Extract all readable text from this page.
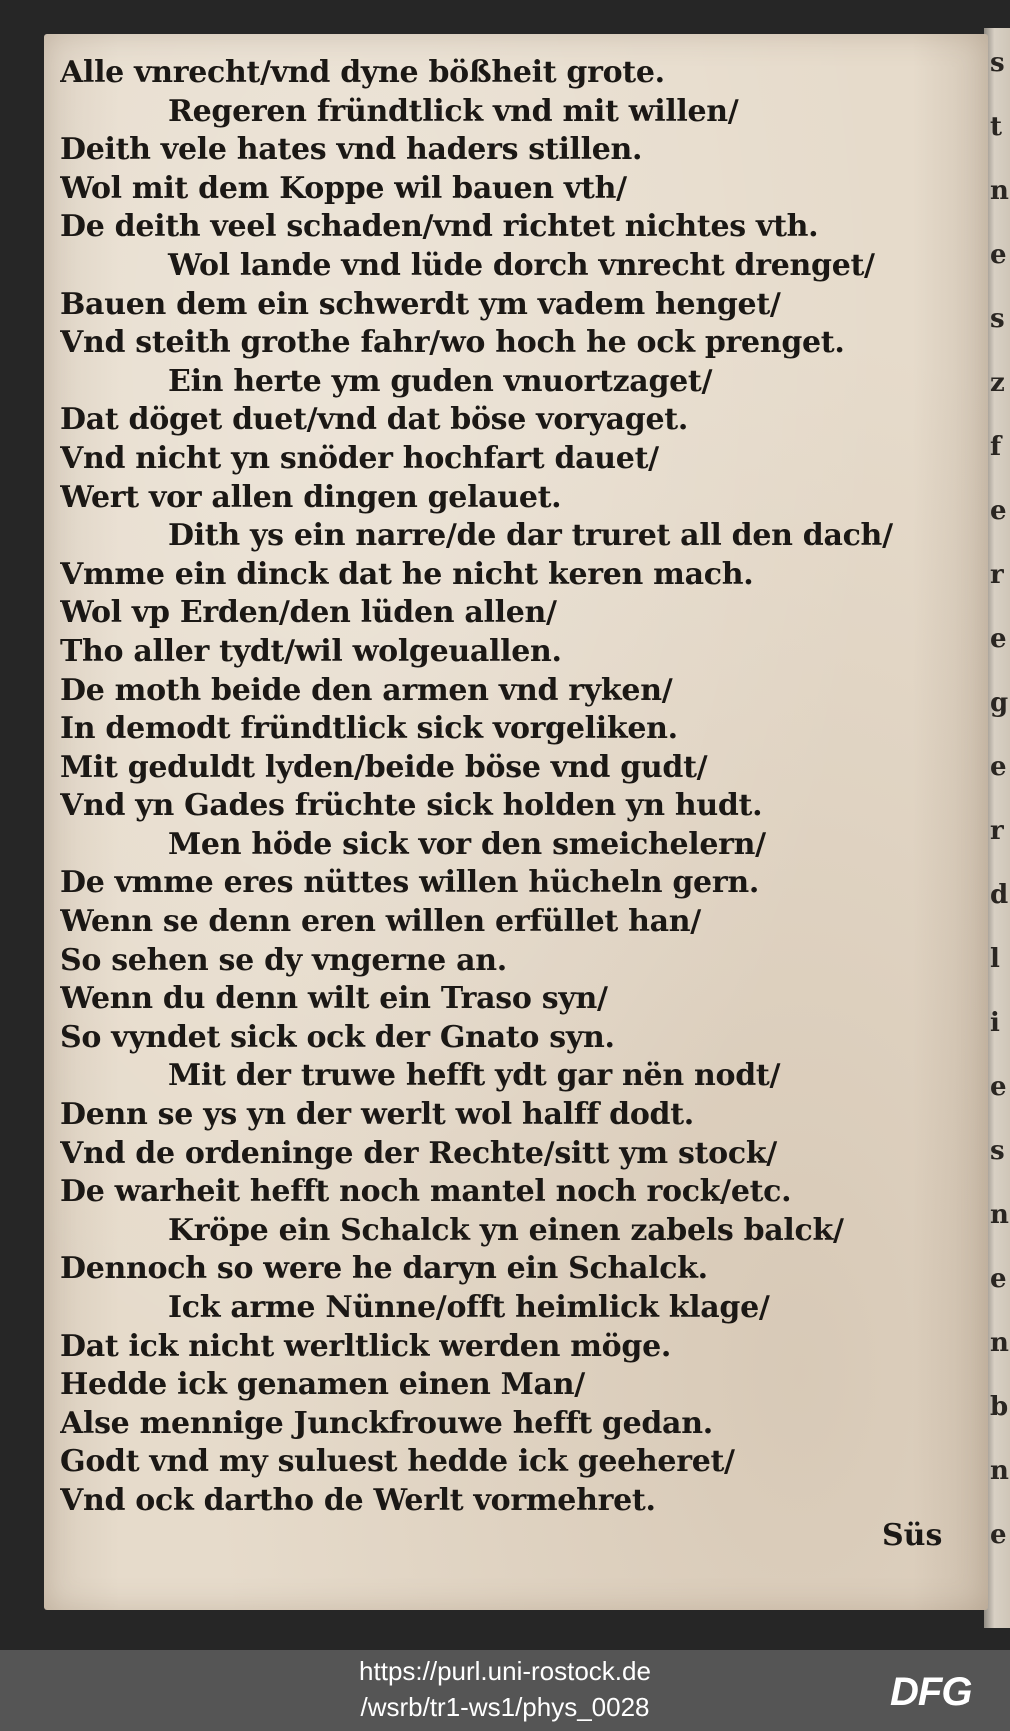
s
t
n
e
s
z
f
e
r
e
g
e
r
d
l
i
e
s
n
e
n
b
n
e
Alle vnrecht/vnd dyne bößheit grote.
Regeren fründtlick vnd mit willen/
Deith vele hates vnd haders stillen.
Wol mit dem Koppe wil bauen vth/
De deith veel schaden/vnd richtet nichtes vth.
Wol lande vnd lüde dorch vnrecht drenget/
Bauen dem ein schwerdt ym vadem henget/
Vnd steith grothe fahr/wo hoch he ock prenget.
Ein herte ym guden vnuortzaget/
Dat döget duet/vnd dat böse voryaget.
Vnd nicht yn snöder hochfart dauet/
Wert vor allen dingen gelauet.
Dith ys ein narre/de dar truret all den dach/
Vmme ein dinck dat he nicht keren mach.
Wol vp Erden/den lüden allen/
Tho aller tydt/wil wolgeuallen.
De moth beide den armen vnd ryken/
In demodt fründtlick sick vorgeliken.
Mit geduldt lyden/beide böse vnd gudt/
Vnd yn Gades früchte sick holden yn hudt.
Men höde sick vor den smeichelern/
De vmme eres nüttes willen hücheln gern.
Wenn se denn eren willen erfüllet han/
So sehen se dy vngerne an.
Wenn du denn wilt ein Traso syn/
So vyndet sick ock der Gnato syn.
Mit der truwe hefft ydt gar nën nodt/
Denn se ys yn der werlt wol halff dodt.
Vnd de ordeninge der Rechte/sitt ym stock/
De warheit hefft noch mantel noch rock/etc.
Kröpe ein Schalck yn einen zabels balck/
Dennoch so were he daryn ein Schalck.
Ick arme Nünne/offt heimlick klage/
Dat ick nicht werltlick werden möge.
Hedde ick genamen einen Man/
Alse mennige Junckfrouwe hefft gedan.
Godt vnd my suluest hedde ick geeheret/
Vnd ock dartho de Werlt vormehret.
Süs
https://purl.uni-rostock.de
/wsrb/tr1-ws1/phys_0028	DFG
